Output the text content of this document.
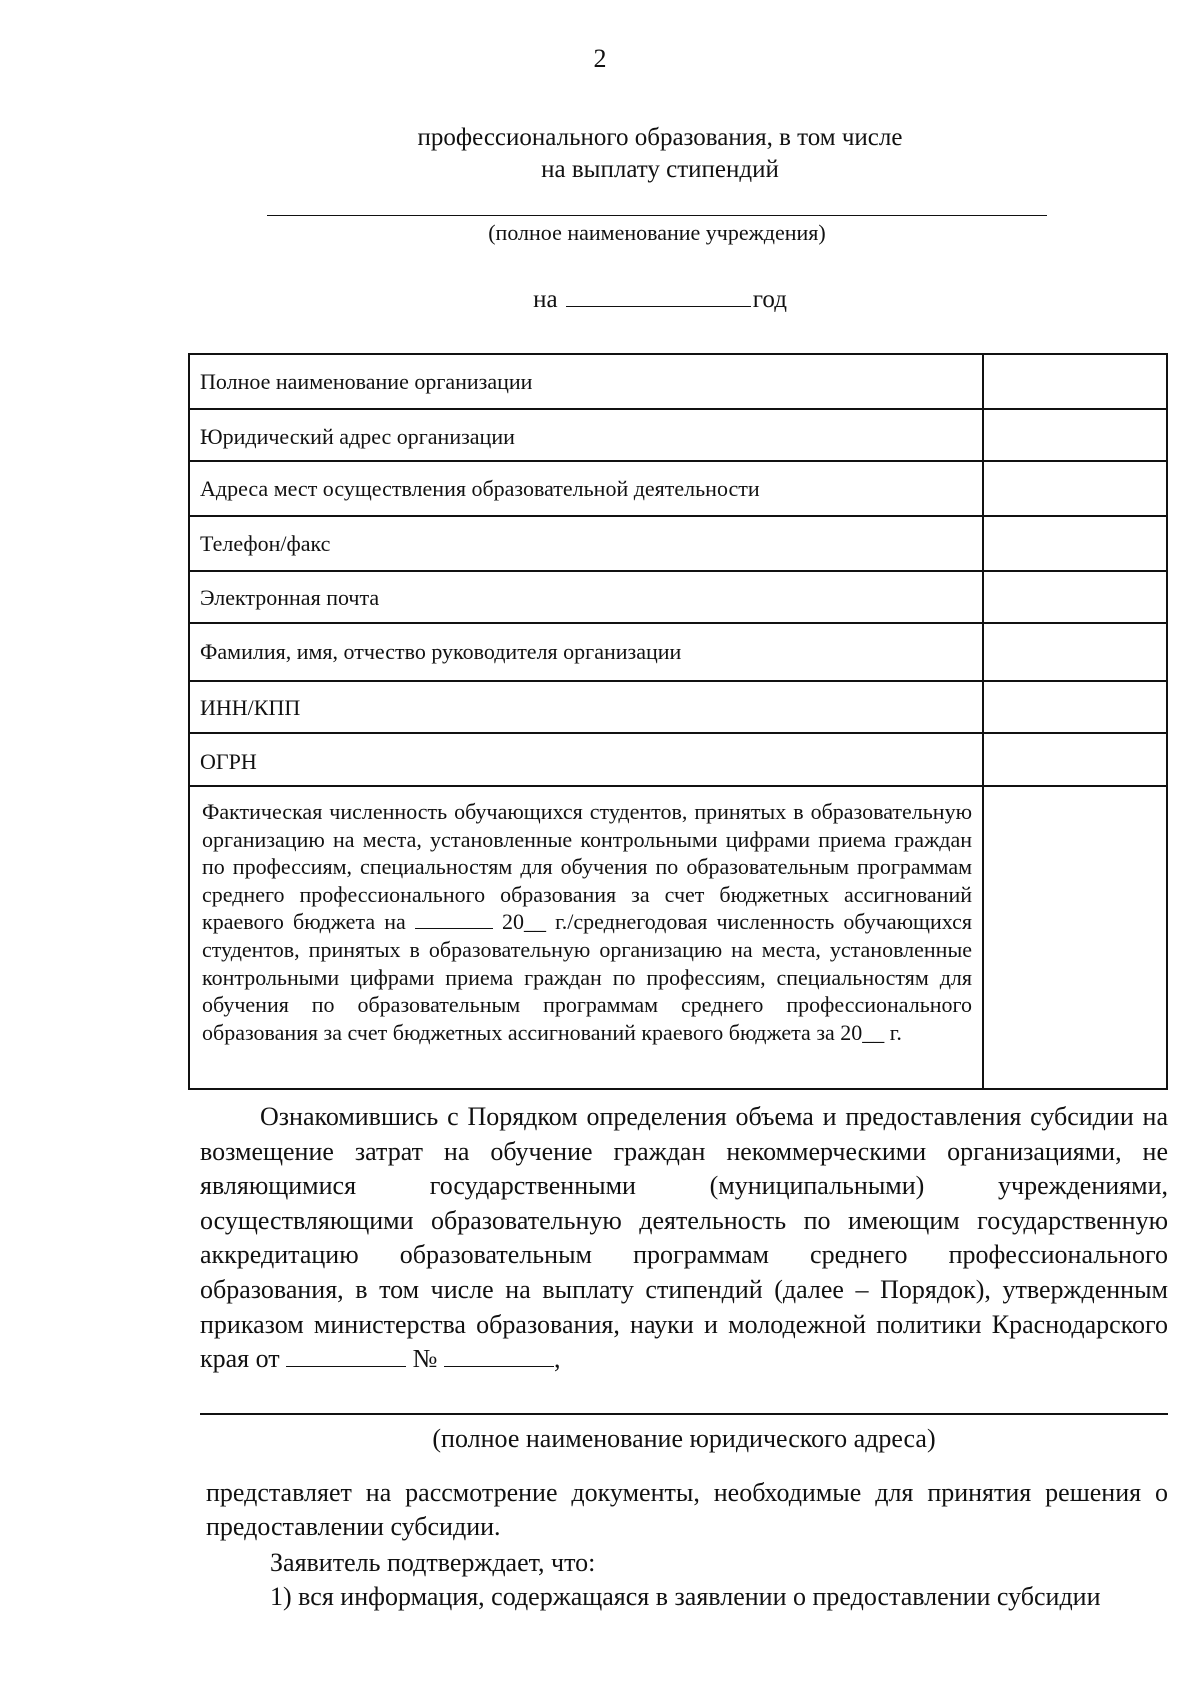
2
профессионального образования, в том числе
на выплату стипендий
(полное наименование учреждения)
на	год
Полное наименование организации
Юридический адрес организации
Адреса мест осуществления образовательной деятельности
Телефон/факс
Электронная почта
Фамилия, имя, отчество руководителя организации
ИНН/КПП
ОГРН
Фактическая численность обучающихся студентов, принятых в образовательную организацию на места, установленные контрольными цифрами приема граждан по профессиям, специальностям для обучения по образовательным программам среднего профессионального образования за счет бюджетных ассигнований краевого бюджета на	20__ г./среднегодовая численность обучающихся студентов, принятых в образовательную организацию на места, установленные контрольными цифрами приема граждан по профессиям, специальностям для обучения по образовательным программам среднего профессионального образования за счет бюджетных ассигнований краевого бюджета за 20__ г.
Ознакомившись с Порядком определения объема и предоставления субсидии на возмещение затрат на обучение граждан некоммерческими организациями, не являющимися государственными (муниципальными) учреждениями, осуществляющими образовательную деятельность по имеющим государственную аккредитацию образовательным программам среднего профессионального образования, в том числе на выплату стипендий (далее – Порядок), утвержденным приказом министерства образования, науки и молодежной политики Краснодарского края от	№	,
(полное наименование юридического адреса)
представляет на рассмотрение документы, необходимые для принятия решения о предоставлении субсидии.
Заявитель подтверждает, что:
1) вся информация, содержащаяся в заявлении о предоставлении субсидии
